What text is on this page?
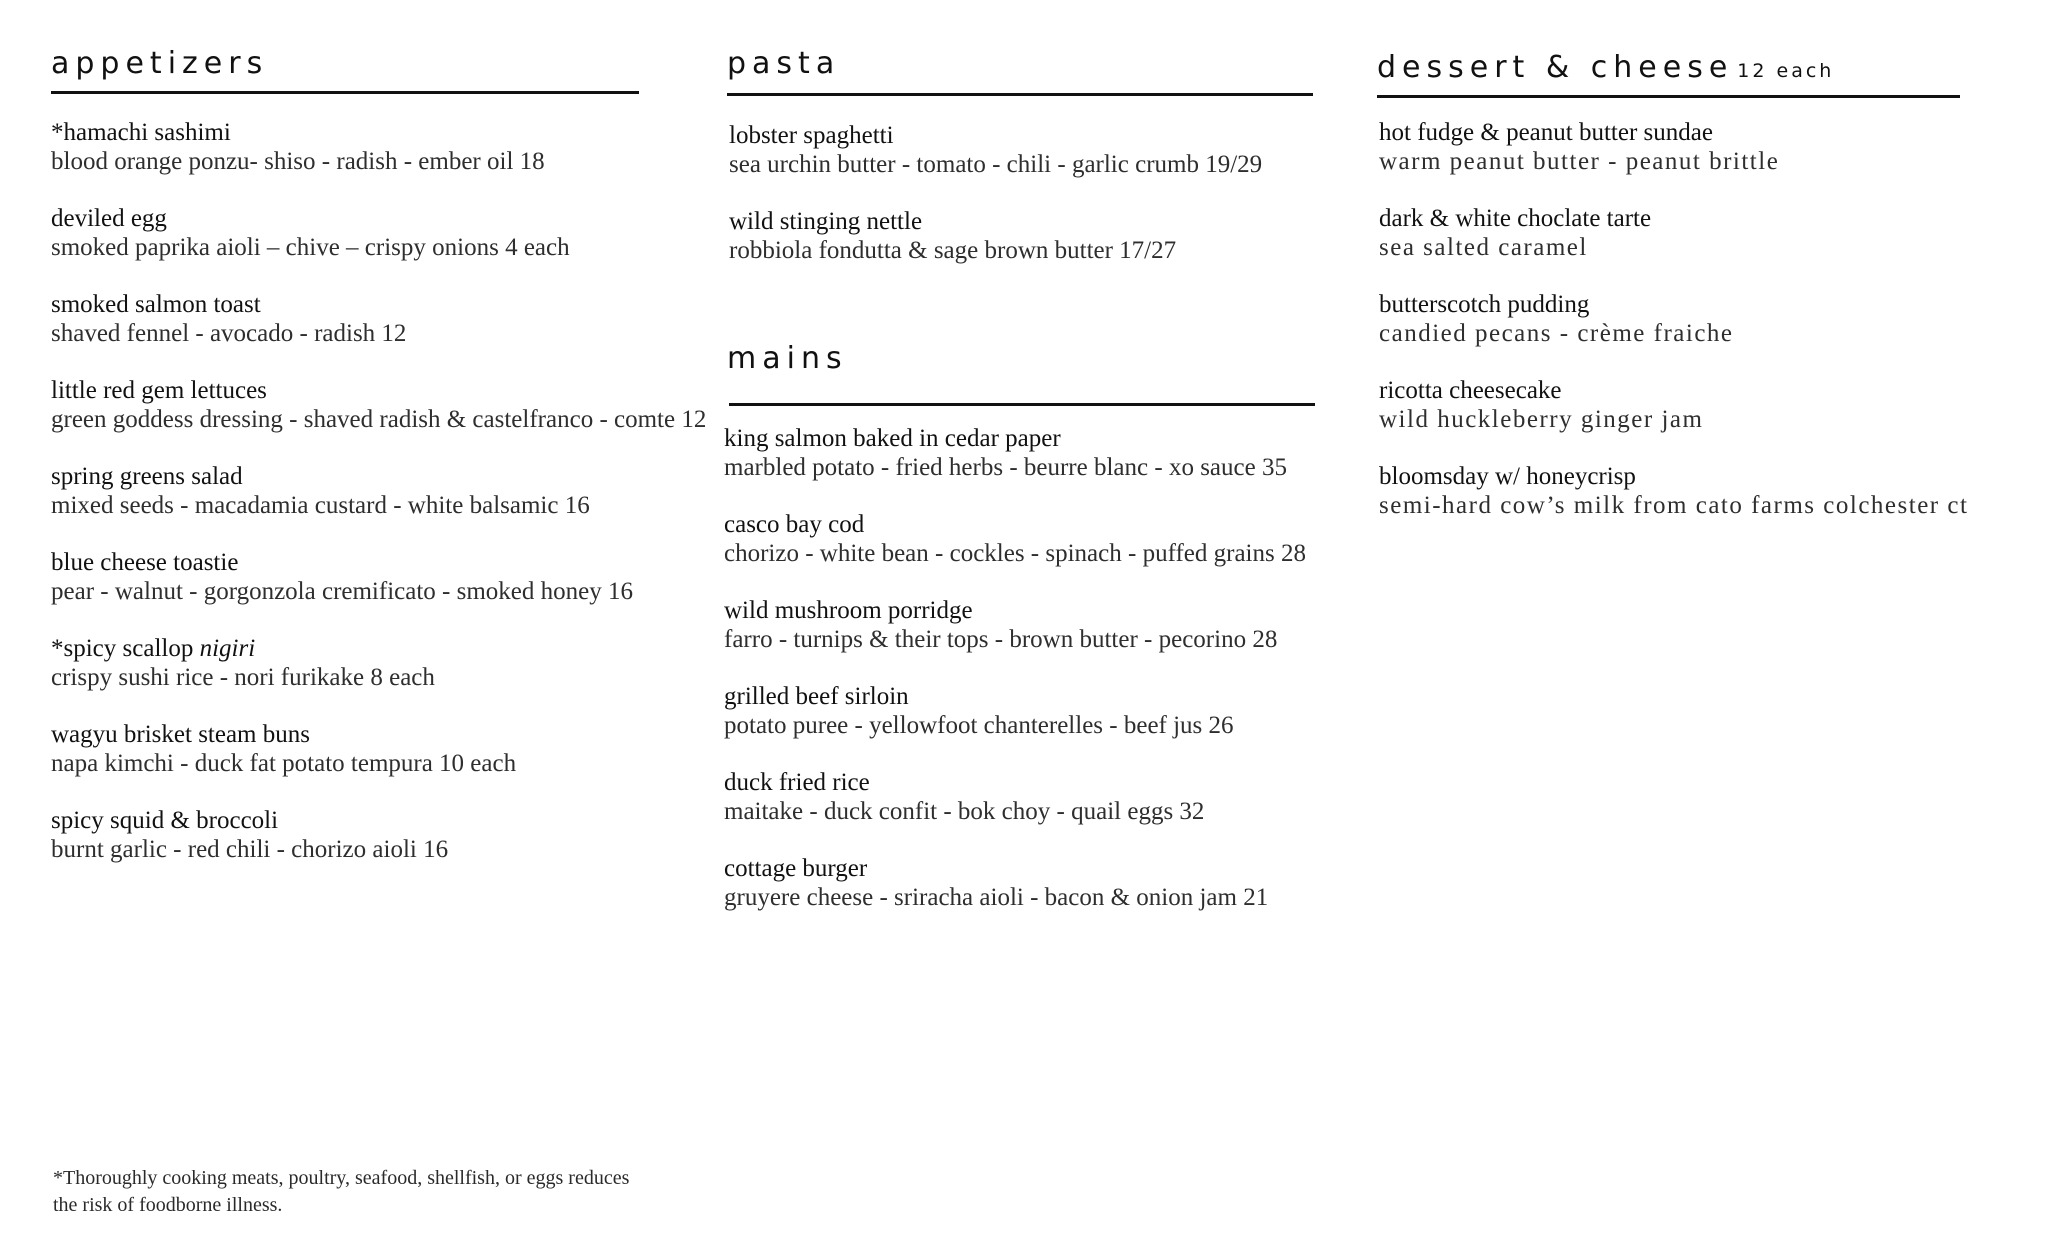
appetizers
*hamachi sashimi
blood orange ponzu- shiso - radish - ember oil 18
deviled egg
smoked paprika aioli – chive – crispy onions 4 each
smoked salmon toast
shaved fennel - avocado - radish 12
little red gem lettuces
green goddess dressing - shaved radish & castelfranco - comte 12
spring greens salad
mixed seeds - macadamia custard - white balsamic 16
blue cheese toastie
pear - walnut - gorgonzola cremificato - smoked honey 16
*spicy scallop nigiri
crispy sushi rice - nori furikake 8 each
wagyu brisket steam buns
napa kimchi - duck fat potato tempura 10 each
spicy squid & broccoli
burnt garlic - red chili - chorizo aioli 16
pasta
lobster spaghetti
sea urchin butter - tomato - chili - garlic crumb 19/29
wild stinging nettle
robbiola fondutta & sage brown butter 17/27
mains
king salmon baked in cedar paper
marbled potato - fried herbs - beurre blanc - xo sauce 35
casco bay cod
chorizo - white bean - cockles - spinach - puffed grains 28
wild mushroom porridge
farro - turnips & their tops - brown butter - pecorino 28
grilled beef sirloin
potato puree - yellowfoot chanterelles - beef jus 26
duck fried rice
maitake - duck confit - bok choy - quail eggs 32
cottage burger
gruyere cheese - sriracha aioli - bacon & onion jam 21
dessert & cheese 12 each
hot fudge & peanut butter sundae
warm peanut butter - peanut brittle
dark & white choclate tarte
sea salted caramel
butterscotch pudding
candied pecans - crème fraiche
ricotta cheesecake
wild huckleberry ginger jam
bloomsday w/ honeycrisp
semi-hard cow’s milk from cato farms colchester ct
*Thoroughly cooking meats, poultry, seafood, shellfish, or eggs reduces
the risk of foodborne illness.
